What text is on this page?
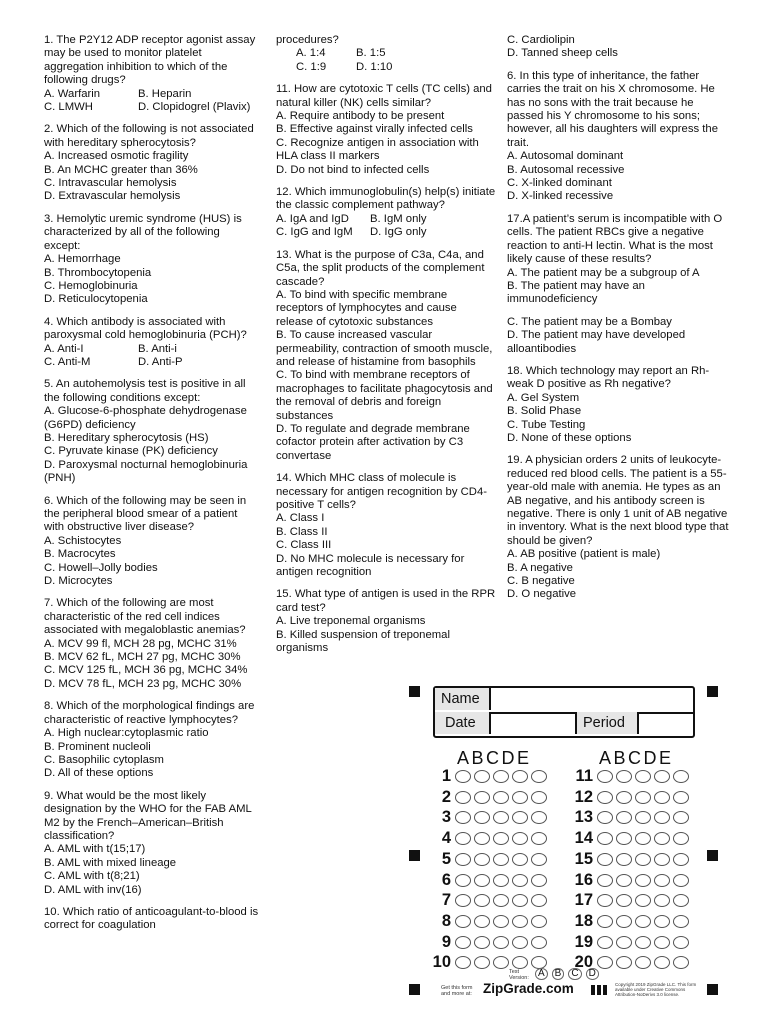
1. The P2Y12 ADP receptor agonist assay may be used to monitor platelet aggregation inhibition to which of the following drugs?
A. Warfarin	B. Heparin
C. LMWH	D. Clopidogrel (Plavix)
2. Which of the following is not associated with hereditary spherocytosis?
A. Increased osmotic fragility
B. An MCHC greater than 36%
C. Intravascular hemolysis
D. Extravascular hemolysis
3. Hemolytic uremic syndrome (HUS) is characterized by all of the following except:
A. Hemorrhage
B. Thrombocytopenia
C. Hemoglobinuria
D. Reticulocytopenia
4. Which antibody is associated with paroxysmal cold hemoglobinuria (PCH)?
A. Anti-I	B. Anti-i
C. Anti-M	D. Anti-P
5. An autohemolysis test is positive in all the following conditions except:
A. Glucose-6-phosphate dehydrogenase (G6PD) deficiency
B. Hereditary spherocytosis (HS)
C. Pyruvate kinase (PK) deficiency
D. Paroxysmal nocturnal hemoglobinuria (PNH)
6. Which of the following may be seen in the peripheral blood smear of a patient with obstructive liver disease?
A. Schistocytes
B. Macrocytes
C. Howell–Jolly bodies
D. Microcytes
7. Which of the following are most characteristic of the red cell indices associated with megaloblastic anemias?
A. MCV 99 fl, MCH 28 pg, MCHC 31%
B. MCV 62 fL, MCH 27 pg, MCHC 30%
C. MCV 125 fL, MCH 36 pg, MCHC 34%
D. MCV 78 fL, MCH 23 pg, MCHC 30%
8. Which of the morphological findings are characteristic of reactive lymphocytes?
A. High nuclear:cytoplasmic ratio
B. Prominent nucleoli
C. Basophilic cytoplasm
D. All of these options
9. What would be the most likely designation by the WHO for the FAB AML M2 by the French–American–British classification?
A. AML with t(15;17)
B. AML with mixed lineage
C. AML with t(8;21)
D. AML with inv(16)
10. Which ratio of anticoagulant-to-blood is correct for coagulation
procedures?
A. 1:4	B. 1:5
C. 1:9	D. 1:10
11. How are cytotoxic T cells (TC cells) and natural killer (NK) cells similar?
A. Require antibody to be present
B. Effective against virally infected cells
C. Recognize antigen in association with HLA class II markers
D. Do not bind to infected cells
12. Which immunoglobulin(s) help(s) initiate the classic complement pathway?
A. IgA and IgD	B. IgM only
C. IgG and IgM	D. IgG only
13. What is the purpose of C3a, C4a, and C5a, the split products of the complement cascade?
A. To bind with specific membrane receptors of lymphocytes and cause release of cytotoxic substances
B. To cause increased vascular permeability, contraction of smooth muscle, and release of histamine from basophils
C. To bind with membrane receptors of macrophages to facilitate phagocytosis and the removal of debris and foreign substances
D. To regulate and degrade membrane cofactor protein after activation by C3 convertase
14. Which MHC class of molecule is necessary for antigen recognition by CD4-positive T cells?
A. Class I
B. Class II
C. Class III
D. No MHC molecule is necessary for antigen recognition
15. What type of antigen is used in the RPR card test?
A. Live treponemal organisms
B. Killed suspension of treponemal organisms
C. Cardiolipin
D. Tanned sheep cells
6. In this type of inheritance, the father carries the trait on his X chromosome. He has no sons with the trait because he passed his Y chromosome to his sons; however, all his daughters will express the trait.
A. Autosomal dominant
B. Autosomal recessive
C. X-linked dominant
D. X-linked recessive
17.A patient’s serum is incompatible with O cells. The patient RBCs give a negative reaction to anti-H lectin. What is the most likely cause of these results?
A. The patient may be a subgroup of A
B. The patient may have an immunodeficiency
C. The patient may be a Bombay
D. The patient may have developed alloantibodies
18. Which technology may report an Rh-weak D positive as Rh negative?
A. Gel System
B. Solid Phase
C. Tube Testing
D. None of these options
19. A physician orders 2 units of leukocyte-reduced red blood cells. The patient is a 55-year-old male with anemia. He types as an AB negative, and his antibody screen is negative. There is only 1 unit of AB negative in inventory. What is the next blood type that should be given?
A. AB positive (patient is male)
B. A negative
C. B negative
D. O negative
Name
Date	Period
ABCDE	ABCDE
1
2
3
4
5
6
7
8
9
10
11
12
13
14
15
16
17
18
19
20
Test Version: A	B	C	D
Get this form and more at: ZipGrade.com	Copyright 2019 ZipGrade LLC. This form available under Creative Commons Attribution-NoDerivs 3.0 license.
